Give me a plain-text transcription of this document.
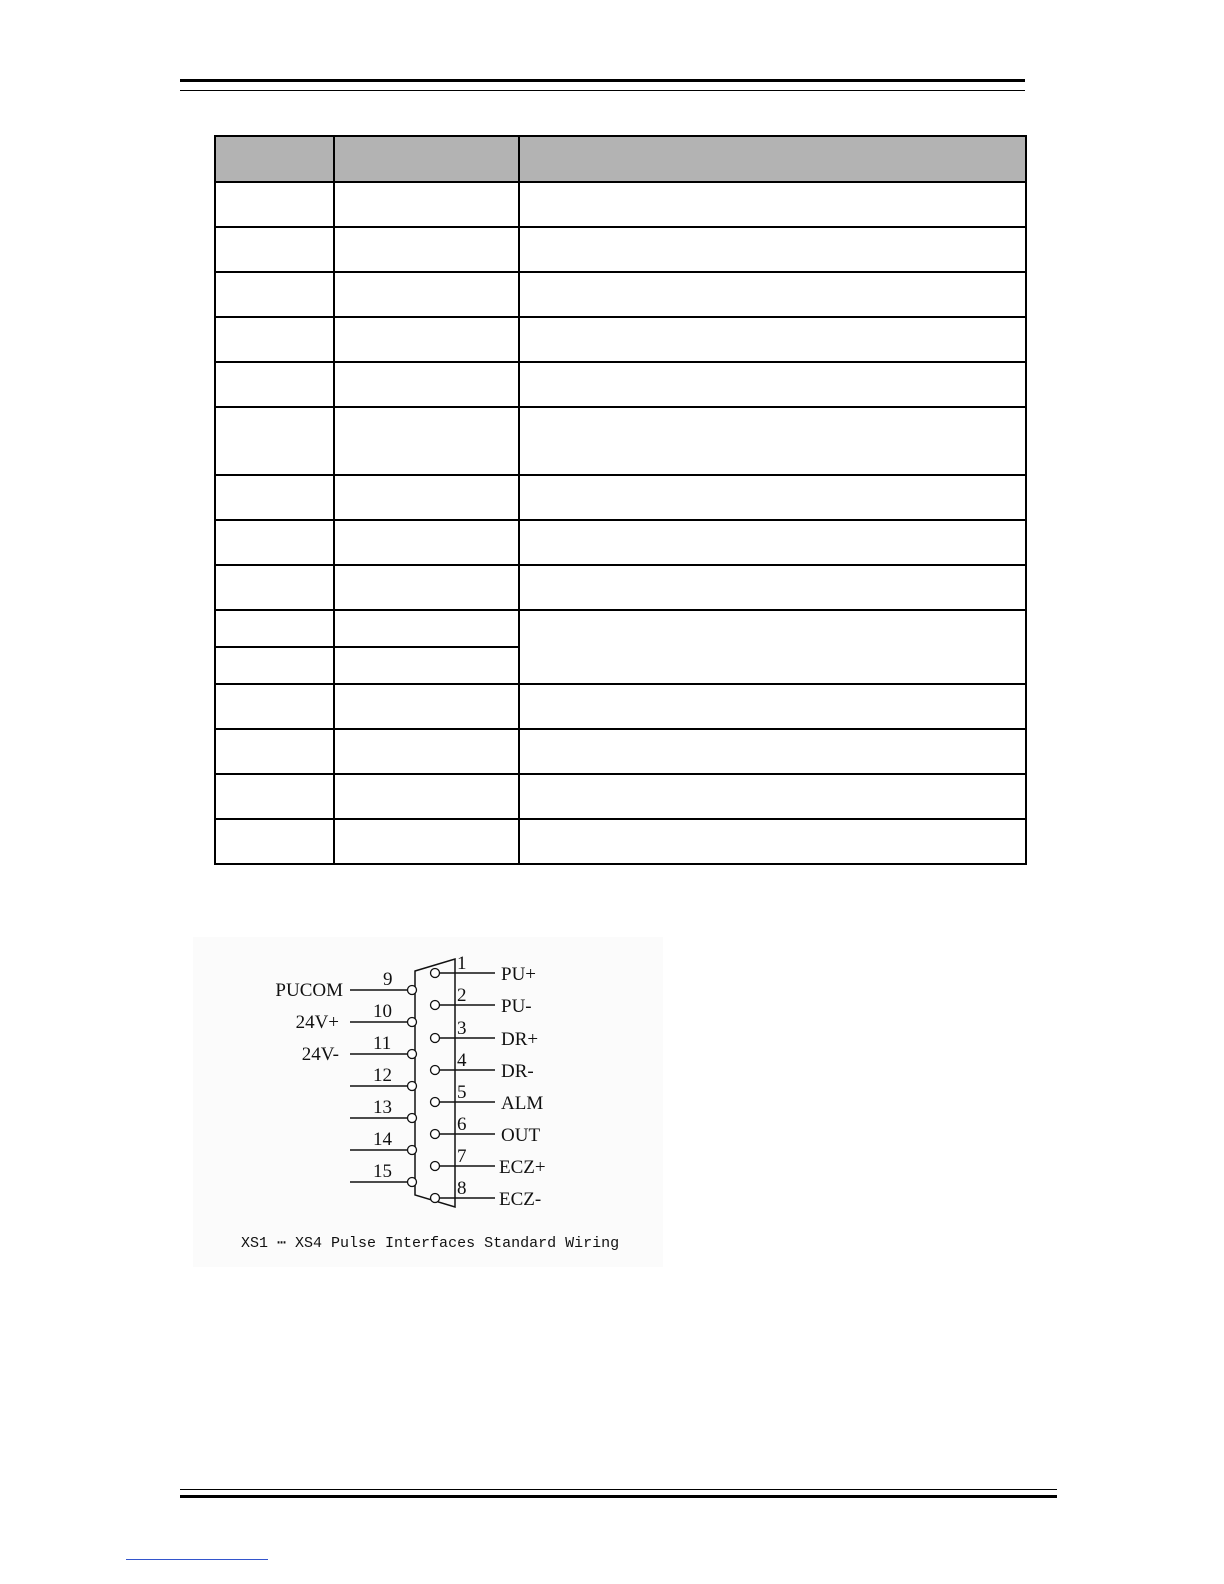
1
PU+
2
PU-
3
DR+
4
DR-
5
ALM
6
OUT
7
ECZ+
8
ECZ-
9
PUCOM
10
24V+
11
24V-
12
13
14
15
XS1 ⋯ XS4 Pulse Interfaces Standard Wiring
